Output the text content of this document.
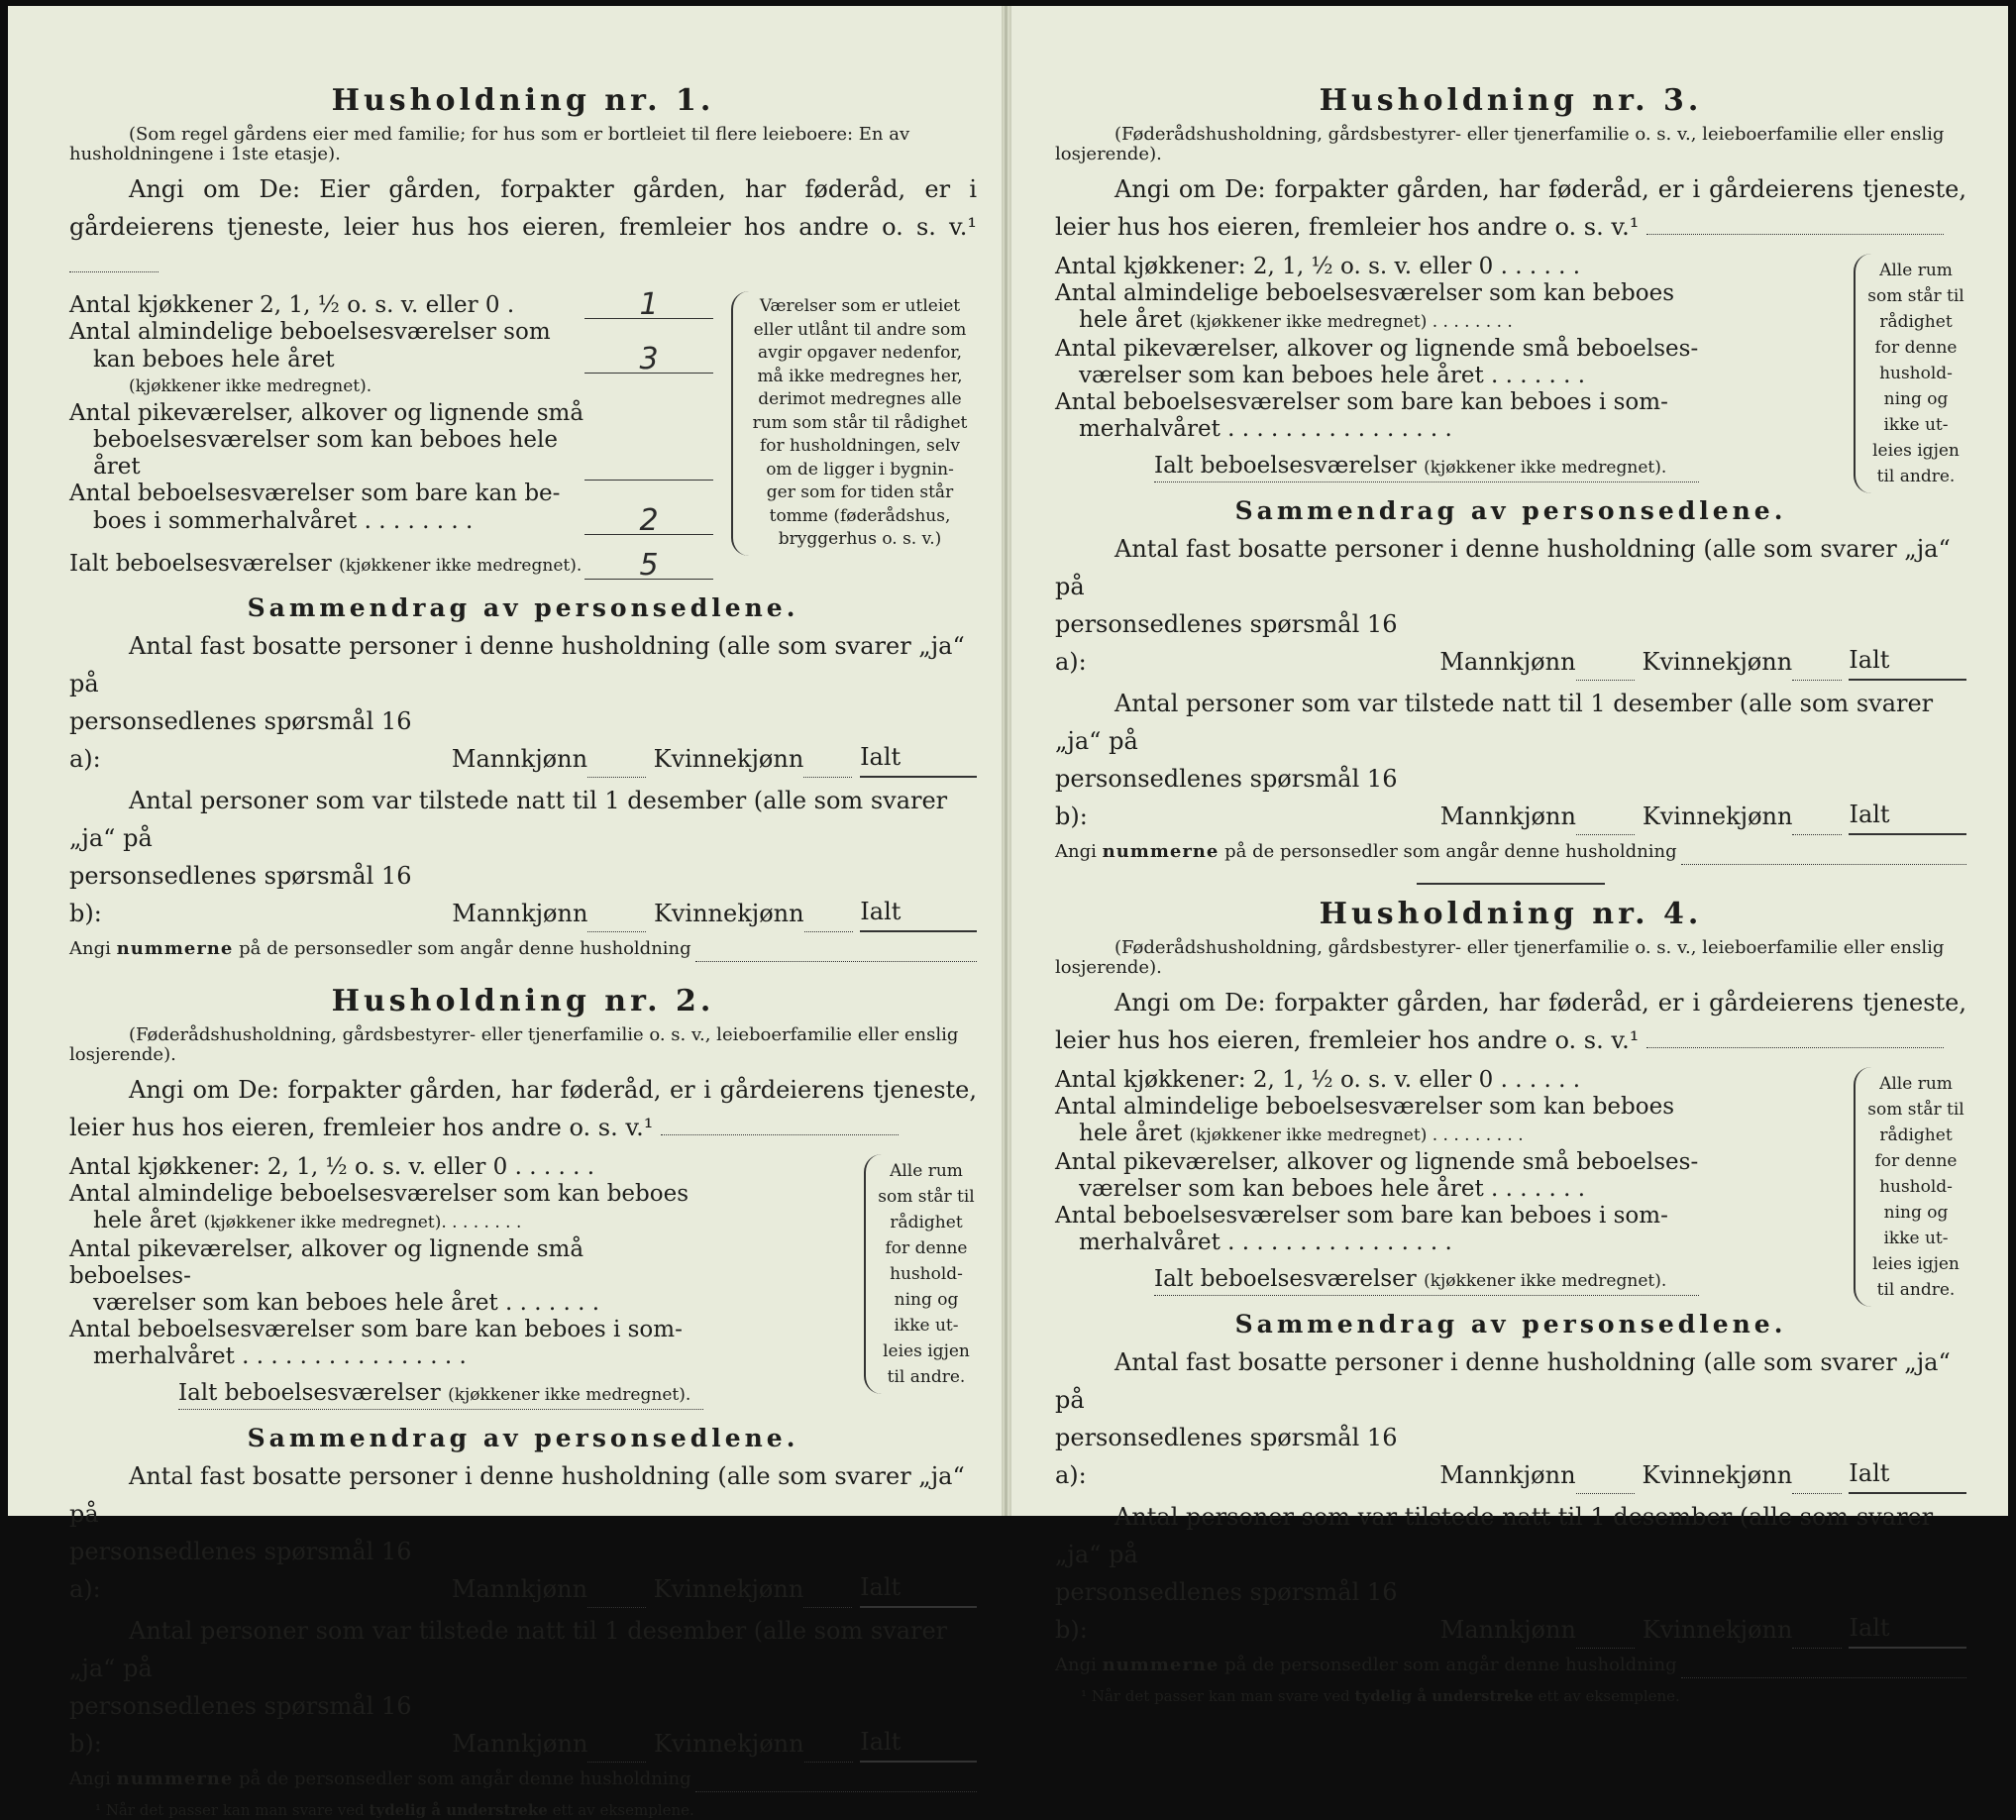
Husholdning nr. 1.

(Som regel gårdens eier med familie; for hus som er bortleiet til flere leieboere: En av husholdningene i 1ste etasje).

Angi om De: Eier gården, forpakter gården, har føderåd, er i gårdeierens tjeneste, leier hus hos eieren, fremleier hos andre o. s. v.¹

Antal kjøkkener 2, 1, ½ o. s. v. eller 0 .	1
Antal almindelige beboelsesværelser som
kan beboes hele året	3
(kjøkkener ikke medregnet).
Antal pikeværelser, alkover og lignende små
beboelsesværelser som kan beboes hele året
Antal beboelsesværelser som bare kan be-
boes i sommerhalvåret . . . . . . . .	2
Ialt beboelsesværelser (kjøkkener ikke medregnet).	5
Værelser som er utleiet
eller utlånt til andre som
avgir opgaver nedenfor,
må ikke medregnes her,
derimot medregnes alle
rum som står til rådighet
for husholdningen, selv
om de ligger i bygnin-
ger som for tiden står
tomme (føderådshus,
bryggerhus o. s. v.)
Sammendrag av personsedlene.

Antal fast bosatte personer i denne husholdning (alle som svarer „ja“ på

personsedlenes spørsmål 16 a):
	Mannkjønn
	Kvinnekjønn
Ialt

Antal personer som var tilstede natt til 1 desember (alle som svarer „ja“ på

personsedlenes spørsmål 16 b):
	Mannkjønn
	Kvinnekjønn
Ialt
Angi
nummerne
på de personsedler som angår denne husholdning
Husholdning nr. 2.

(Føderådshusholdning, gårdsbestyrer- eller tjenerfamilie o. s. v., leieboerfamilie eller enslig losjerende).

Angi om De: forpakter gården, har føderåd, er i gårdeierens tjeneste, leier hus hos eieren, fremleier hos andre o. s. v.¹

Antal kjøkkener: 2, 1, ½ o. s. v. eller 0 . . . . . .
Antal almindelige beboelsesværelser som kan beboes
hele året (kjøkkener ikke medregnet). . . . . . . .
Antal pikeværelser, alkover og lignende små beboelses-
værelser som kan beboes hele året . . . . . . .
Antal beboelsesværelser som bare kan beboes i som-
merhalvåret . . . . . . . . . . . . . . . .
Ialt beboelsesværelser (kjøkkener ikke medregnet).
Alle rum
som står til
rådighet
for denne
hushold-
ning og
ikke ut-
leies igjen
til andre.
Sammendrag av personsedlene.

Antal fast bosatte personer i denne husholdning (alle som svarer „ja“ på

personsedlenes spørsmål 16 a):
	Mannkjønn
	Kvinnekjønn
Ialt

Antal personer som var tilstede natt til 1 desember (alle som svarer „ja“ på

personsedlenes spørsmål 16 b):
	Mannkjønn
	Kvinnekjønn
Ialt
Angi
nummerne
på de personsedler som angår denne husholdning
¹ Når det passer kan man svare ved tydelig å understreke ett av eksemplene.
Husholdning nr. 3.

(Føderådshusholdning, gårdsbestyrer- eller tjenerfamilie o. s. v., leieboerfamilie eller enslig losjerende).

Angi om De: forpakter gården, har føderåd, er i gårdeierens tjeneste, leier hus hos eieren, fremleier hos andre o. s. v.¹

Antal kjøkkener: 2, 1, ½ o. s. v. eller 0 . . . . . .
Antal almindelige beboelsesværelser som kan beboes
hele året (kjøkkener ikke medregnet) . . . . . . . .
Antal pikeværelser, alkover og lignende små beboelses-
værelser som kan beboes hele året . . . . . . .
Antal beboelsesværelser som bare kan beboes i som-
merhalvåret . . . . . . . . . . . . . . . .
Ialt beboelsesværelser (kjøkkener ikke medregnet).
Alle rum
som står til
rådighet
for denne
hushold-
ning og
ikke ut-
leies igjen
til andre.
Sammendrag av personsedlene.

Antal fast bosatte personer i denne husholdning (alle som svarer „ja“ på

personsedlenes spørsmål 16 a):
	Mannkjønn
	Kvinnekjønn
Ialt

Antal personer som var tilstede natt til 1 desember (alle som svarer „ja“ på

personsedlenes spørsmål 16 b):
	Mannkjønn
	Kvinnekjønn
Ialt
Angi
nummerne
på de personsedler som angår denne husholdning
Husholdning nr. 4.

(Føderådshusholdning, gårdsbestyrer- eller tjenerfamilie o. s. v., leieboerfamilie eller enslig losjerende).

Angi om De: forpakter gården, har føderåd, er i gårdeierens tjeneste, leier hus hos eieren, fremleier hos andre o. s. v.¹

Antal kjøkkener: 2, 1, ½ o. s. v. eller 0 . . . . . .
Antal almindelige beboelsesværelser som kan beboes
hele året (kjøkkener ikke medregnet) . . . . . . . . .
Antal pikeværelser, alkover og lignende små beboelses-
værelser som kan beboes hele året . . . . . . .
Antal beboelsesværelser som bare kan beboes i som-
merhalvåret . . . . . . . . . . . . . . . .
Ialt beboelsesværelser (kjøkkener ikke medregnet).
Alle rum
som står til
rådighet
for denne
hushold-
ning og
ikke ut-
leies igjen
til andre.
Sammendrag av personsedlene.

Antal fast bosatte personer i denne husholdning (alle som svarer „ja“ på

personsedlenes spørsmål 16 a):
	Mannkjønn
	Kvinnekjønn
Ialt

Antal personer som var tilstede natt til 1 desember (alle som svarer „ja“ på

personsedlenes spørsmål 16 b):
	Mannkjønn
	Kvinnekjønn
Ialt
Angi
nummerne
på de personsedler som angår denne husholdning
¹ Når det passer kan man svare ved tydelig å understreke ett av eksemplene.
